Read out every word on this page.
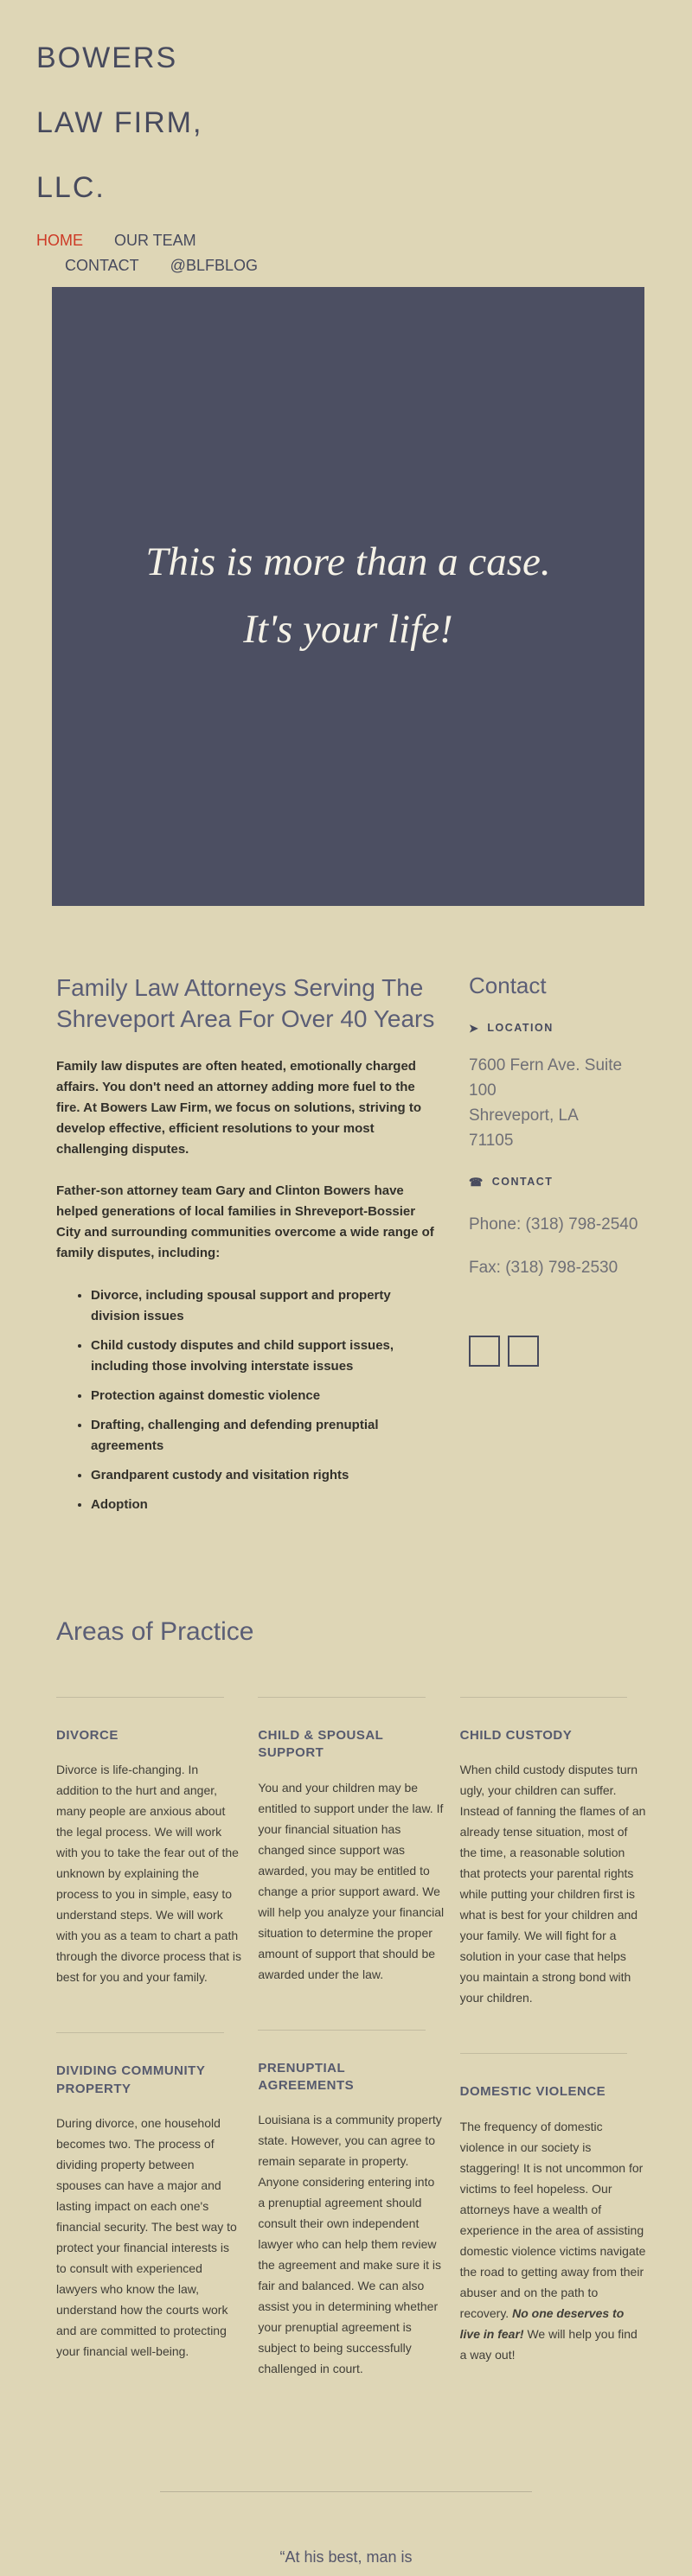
BOWERS
LAW FIRM,
LLC.
HOME OUR TEAM
CONTACT @BLFBLOG
This is more than a case.
It's your life!
Family Law Attorneys Serving The Shreveport Area For Over 40 Years

Family law disputes are often heated, emotionally charged affairs. You don't need an attorney adding more fuel to the fire. At Bowers Law Firm, we focus on solutions, striving to develop effective, efficient resolutions to your most challenging disputes.

Father-son attorney team Gary and Clinton Bowers have helped generations of local families in Shreveport-Bossier City and surrounding communities overcome a wide range of family disputes, including:

• Divorce, including spousal support and property division issues
• Child custody disputes and child support issues, including those involving interstate issues
• Protection against domestic violence
• Drafting, challenging and defending prenuptial agreements
• Grandparent custody and visitation rights
• Adoption
Contact
➤ LOCATION
7600 Fern Ave. Suite 100
Shreveport, LA
71105
☎ CONTACT
Phone: (318) 798-2540
Fax: (318) 798-2530
Areas of Practice
DIVORCE

Divorce is life-changing. In addition to the hurt and anger, many people are anxious about the legal process. We will work with you to take the fear out of the unknown by explaining the process to you in simple, easy to understand steps. We will work with you as a team to chart a path through the divorce process that is best for you and your family.

DIVIDING COMMUNITY PROPERTY

During divorce, one household becomes two. The process of dividing property between spouses can have a major and lasting impact on each one's financial security. The best way to protect your financial interests is to consult with experienced lawyers who know the law, understand how the courts work and are committed to protecting your financial well-being.

CHILD & SPOUSAL SUPPORT

You and your children may be entitled to support under the law. If your financial situation has changed since support was awarded, you may be entitled to change a prior support award. We will help you analyze your financial situation to determine the proper amount of support that should be awarded under the law.

PRENUPTIAL AGREEMENTS

Louisiana is a community property state. However, you can agree to remain separate in property. Anyone considering entering into a prenuptial agreement should consult their own independent lawyer who can help them review the agreement and make sure it is fair and balanced. We can also assist you in determining whether your prenuptial agreement is subject to being successfully challenged in court.

CHILD CUSTODY

When child custody disputes turn ugly, your children can suffer. Instead of fanning the flames of an already tense situation, most of the time, a reasonable solution that protects your parental rights while putting your children first is what is best for your children and your family. We will fight for a solution in your case that helps you maintain a strong bond with your children.

DOMESTIC VIOLENCE

The frequency of domestic violence in our society is staggering! It is not uncommon for victims to feel hopeless. Our attorneys have a wealth of experience in the area of assisting domestic violence victims navigate the road to getting away from their abuser and on the path to recovery. No one deserves to live in fear! We will help you find a way out!

“At his best, man is
